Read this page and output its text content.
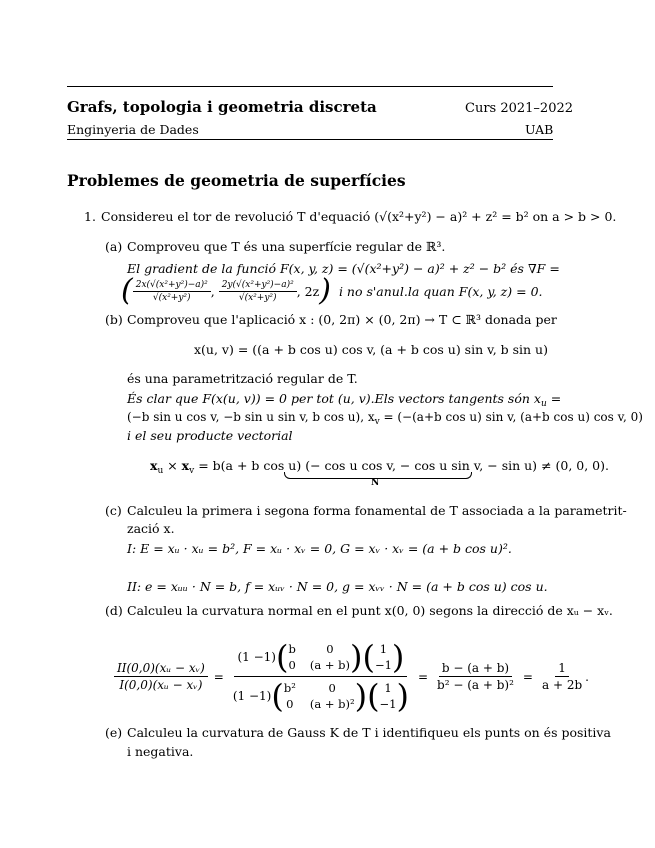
Grafs, topologia i geometria discreta	Curs 2021–2022
Enginyeria de Dades	UAB
Problemes de geometria de superfícies
1. Considereu el tor de revolució T d'equació (√(x²+y²) − a)² + z² = b² on a > b > 0.
(a) Comproveu que T és una superfície regular de ℝ³.
El gradient de la funció F(x, y, z) = (√(x²+y²) − a)² + z² − b² és ∇F =
( $\frac{\text{2x(√(x²+y²)−a)²}}{\text{√(x²+y²)}}$ , $\frac{\text{2y(√(x²+y²)−a)²}}{\text{√(x²+y²)}}$ , 2z ) i no s'anul.la quan F(x, y, z) = 0.
(b) Comproveu que l'aplicació x : (0, 2π) × (0, 2π) → T ⊂ ℝ³ donada per
x(u, v) = ((a + b cos u) cos v, (a + b cos u) sin v, b sin u)
és una parametrització regular de T.
És clar que F(x(u, v)) = 0 per tot (u, v). Els vectors tangents són $x_u$ =
(−b sin u cos v, −b sin u sin v, b cos u), $x_v = (-(a+b$ cos u) sin v, (a+b cos u) cos v, 0)
i el seu producte vectorial
$x_u \times x_v = b(a + b$ cos u) (− cos u cos v, − cos u sin v, − sin u) ≠ (0, 0, 0).
N
(c) Calculeu la primera i segona forma fonamental de T associada a la parametrit-
zació x.
I: E = xᵤ · xᵤ = b², F = xᵤ · xᵥ = 0, G = xᵥ · xᵥ = (a + b cos u)².
II: e = xᵤᵤ · N = b, f = xᵤᵥ · N = 0, g = xᵥᵥ · N = (a + b cos u) cos u.
(d) Calculeu la curvatura normal en el punt x(0, 0) segons la direcció de xᵤ − xᵥ.
$\frac{\text{II(0,0)(xᵤ − xᵥ)}}{\text{I(0,0)(xᵤ − xᵥ)}}$ =
(1 −1) ( b	0
0 (a + b) ) ( 1
−1 )
(1 −1) ( b²	0
0 (a + b)² ) ( 1
−1 )
= $\frac{b - (a + b)}{\text{b² − (a + b)²}} = \frac{1}{a + 2b}$ .
(e) Calculeu la curvatura de Gauss K de T i identifiqueu els punts on és positiva
i negativa.
